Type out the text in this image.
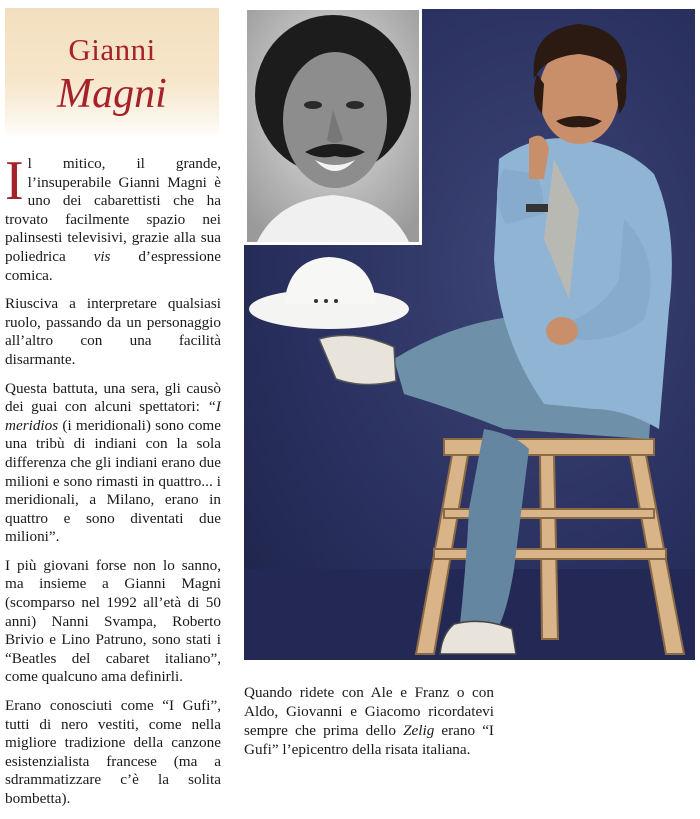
Gianni
Magni

Il mitico, il grande, l’insuperabile Gianni Magni è uno dei cabarettisti che ha trovato facilmente spazio nei palinsesti televisivi, grazie alla sua poliedrica vis d’espressione comica.

Riusciva a interpretare qualsiasi ruolo, passando da un personaggio all’altro con una facilità disarmante.

Questa battuta, una sera, gli causò dei guai con alcuni spettatori: “I meridios (i meridionali) sono come una tribù di indiani con la sola differenza che gli indiani erano due milioni e sono rimasti in quattro... i meridionali, a Milano, erano in quattro e sono diventati due milioni”.

I più giovani forse non lo sanno, ma insieme a Gianni Magni (scomparso nel 1992 all’età di 50 anni) Nanni Svampa, Roberto Brivio e Lino Patruno, sono stati i “Beatles del cabaret italiano”, come qualcuno ama definirli.

Erano conosciuti come “I Gufi”, tutti di nero vestiti, come nella migliore tradizione della canzone esistenzialista francese (ma a sdrammatizzare c’è la solita bombetta).

Quando ridete con Ale e Franz o con Aldo, Giovanni e Giacomo ricordatevi sempre che prima dello Zelig erano “I Gufi” l’epicentro della risata italiana.
